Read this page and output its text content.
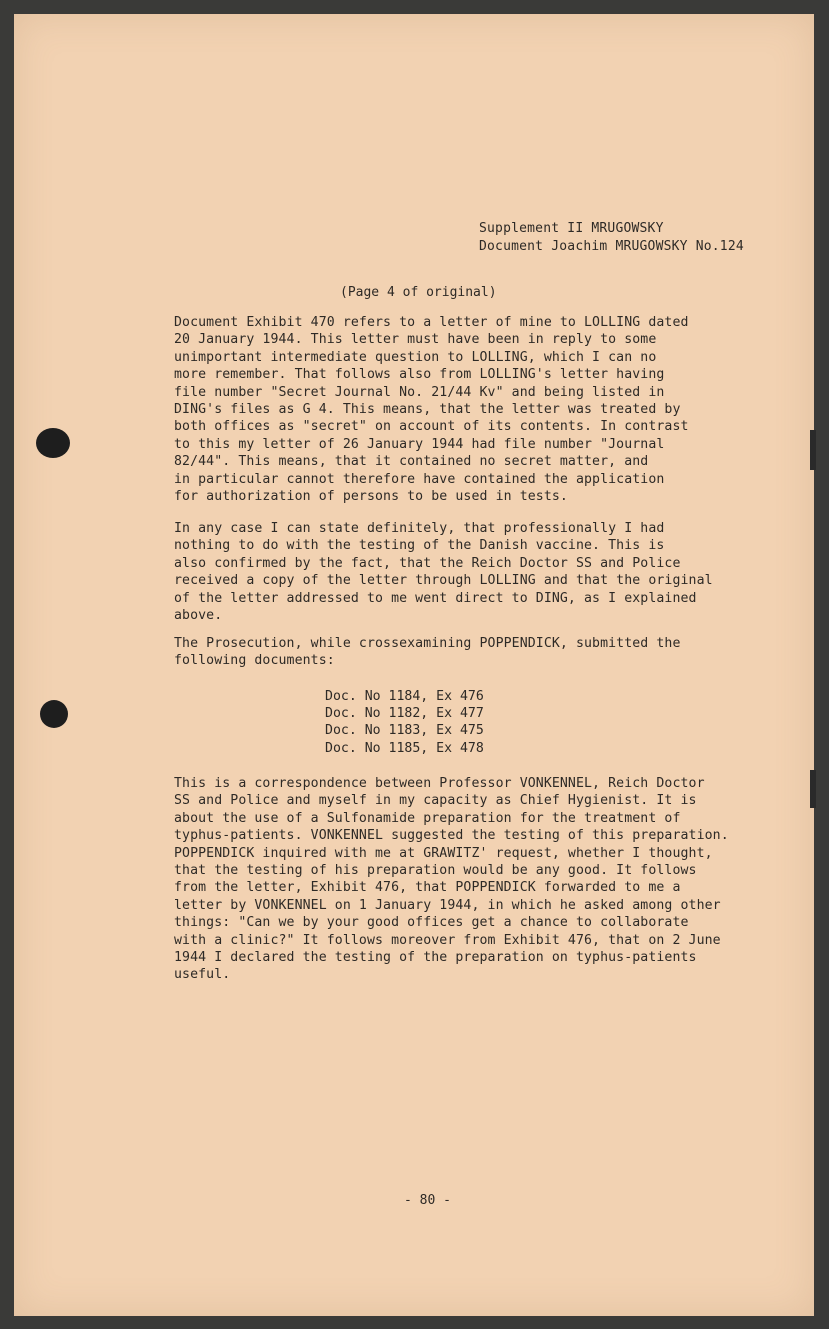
Supplement II MRUGOWSKY
Document Joachim MRUGOWSKY No.124
(Page 4 of original)
Document Exhibit 470 refers to a letter of mine to LOLLING dated
20 January 1944. This letter must have been in reply to some
unimportant intermediate question to LOLLING, which I can no
more remember. That follows also from LOLLING's letter having
file number "Secret Journal No. 21/44 Kv" and being listed in
DING's files as G 4. This means, that the letter was treated by
both offices as "secret" on account of its contents. In contrast
to this my letter of 26 January 1944 had file number "Journal
82/44". This means, that it contained no secret matter, and
in particular cannot therefore have contained the application
for authorization of persons to be used in tests.
In any case I can state definitely, that professionally I had
nothing to do with the testing of the Danish vaccine. This is
also confirmed by the fact, that the Reich Doctor SS and Police
received a copy of the letter through LOLLING and that the original
of the letter addressed to me went direct to DING, as I explained
above.
The Prosecution, while crossexamining POPPENDICK, submitted the
following documents:
Doc. No 1184, Ex 476
Doc. No 1182, Ex 477
Doc. No 1183, Ex 475
Doc. No 1185, Ex 478
This is a correspondence between Professor VONKENNEL, Reich Doctor
SS and Police and myself in my capacity as Chief Hygienist. It is
about the use of a Sulfonamide preparation for the treatment of
typhus-patients. VONKENNEL suggested the testing of this preparation.
POPPENDICK inquired with me at GRAWITZ' request, whether I thought,
that the testing of his preparation would be any good. It follows
from the letter, Exhibit 476, that POPPENDICK forwarded to me a
letter by VONKENNEL on 1 January 1944, in which he asked among other
things: "Can we by your good offices get a chance to collaborate
with a clinic?" It follows moreover from Exhibit 476, that on 2 June
1944 I declared the testing of the preparation on typhus-patients
useful.
- 80 -
